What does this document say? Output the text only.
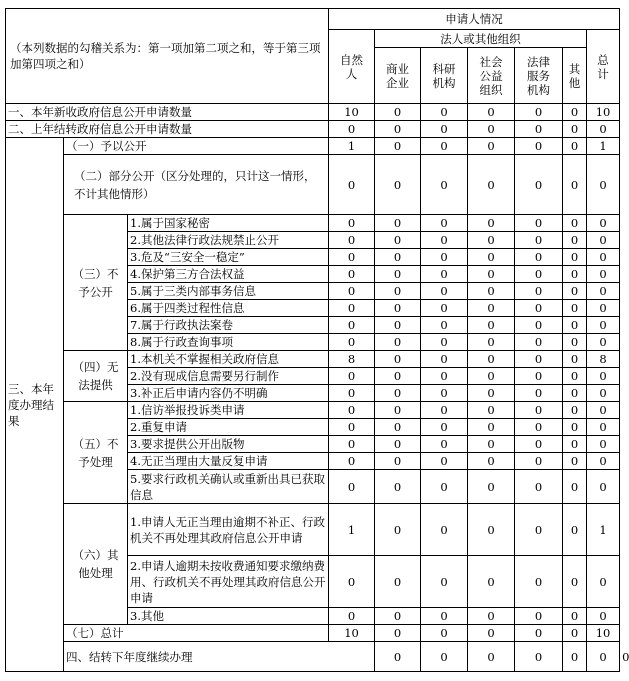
（本列数据的勾稽关系为：第一项加第二项之和，等于第三项加第四项之和）			申请人情况							
			自然人	法人或其他组织					总计	
				商业企业	科研机构	社会公益组织	法律服务机构	其他		
一、本年新收政府信息公开申请数量			10	0	0	0	0	0	10	
二、上年结转政府信息公开申请数量			0	0	0	0	0	0	0	
三、本年度办理结果	（一）予以公开		1	0	0	0	0	0	1	
	（二）部分公开（区分处理的，只计这一情形，不计其他情形）		0	0	0	0	0	0	0	
	（三）不予公开	1.属于国家秘密	0	0	0	0	0	0	0	
		2.其他法律行政法规禁止公开	0	0	0	0	0	0	0	
		3.危及“三安全一稳定”	0	0	0	0	0	0	0	
		4.保护第三方合法权益	0	0	0	0	0	0	0	
		5.属于三类内部事务信息	0	0	0	0	0	0	0	
		6.属于四类过程性信息	0	0	0	0	0	0	0	
		7.属于行政执法案卷	0	0	0	0	0	0	0	
		8.属于行政查询事项	0	0	0	0	0	0	0	
	（四）无法提供	1.本机关不掌握相关政府信息	8	0	0	0	0	0	8	
		2.没有现成信息需要另行制作	0	0	0	0	0	0	0	
		3.补正后申请内容仍不明确	0	0	0	0	0	0	0	
	（五）不予处理	1.信访举报投诉类申请	0	0	0	0	0	0	0	
		2.重复申请	0	0	0	0	0	0	0	
		3.要求提供公开出版物	0	0	0	0	0	0	0	
		4.无正当理由大量反复申请	0	0	0	0	0	0	0	
		5.要求行政机关确认或重新出具已获取信息	0	0	0	0	0	0	0	
	（六）其他处理	1.申请人无正当理由逾期不补正、行政机关不再处理其政府信息公开申请	1	0	0	0	0	0	1	
		2.申请人逾期未按收费通知要求缴纳费用、行政机关不再处理其政府信息公开申请	0	0	0	0	0	0	0	
		3.其他	0	0	0	0	0	0	0	
	（七）总计		10	0	0	0	0	0	10	
	四、结转下年度继续办理			0	0	0	0	0	0	0
